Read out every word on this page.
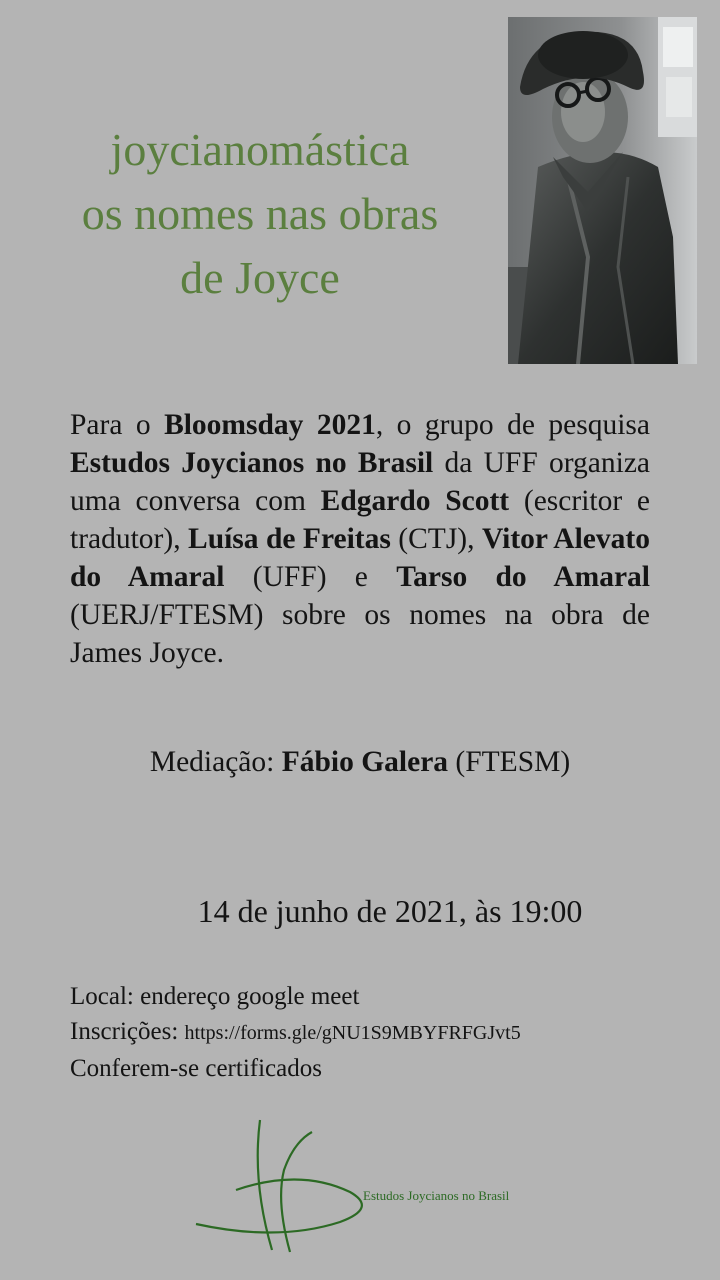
joycianomástica
os nomes nas obras
de Joyce
Para o Bloomsday 2021, o grupo de pesquisa Estudos Joycianos no Brasil da UFF organiza uma conversa com Edgardo Scott (escritor e tradutor), Luísa de Freitas (CTJ), Vitor Alevato do Amaral (UFF) e Tarso do Amaral (UERJ/FTESM) sobre os nomes na obra de James Joyce.
Mediação: Fábio Galera (FTESM)
14 de junho de 2021, às 19:00
Local: endereço google meet
Inscrições: https://forms.gle/gNU1S9MBYFRFGJvt5
Conferem-se certificados
Estudos Joycianos no Brasil
